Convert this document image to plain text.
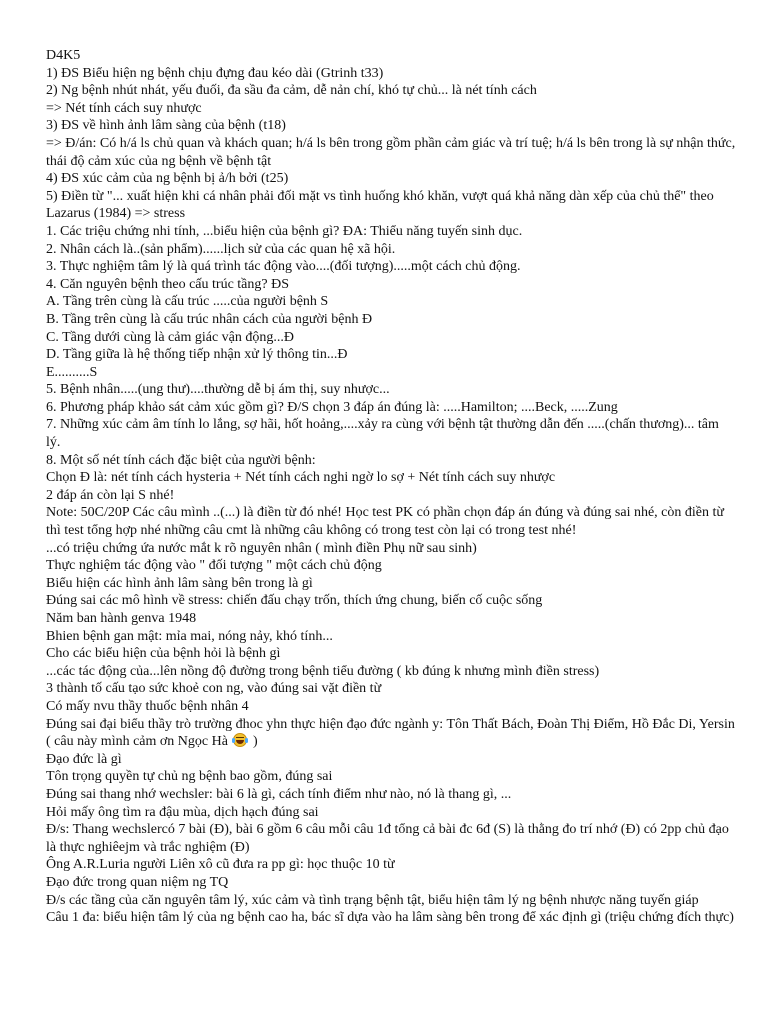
D4K5
1) ĐS Biểu hiện ng bệnh chịu đựng đau kéo dài (Gtrinh t33)
2) Ng bệnh nhút nhát, yếu đuối, đa sầu đa cảm, dễ nản chí, khó tự chủ... là nét tính cách
=> Nét tính cách suy nhược
3) ĐS về hình ảnh lâm sàng của bệnh (t18)
=> Đ/án: Có h/á ls chủ quan và khách quan; h/á ls bên trong gồm phần cảm giác và trí tuệ; h/á ls bên trong là sự nhận thức, thái độ cảm xúc của ng bệnh về bệnh tật
4) ĐS xúc cảm của ng bệnh bị ả/h bởi (t25)
5) Điền từ "... xuất hiện khi cá nhân phải đối mặt vs tình huống khó khăn, vượt quá khả năng dàn xếp của chủ thể" theo Lazarus (1984) => stress
1. Các triệu chứng nhi tính, ...biểu hiện của bệnh gì? ĐA: Thiểu năng tuyến sinh dục.
2. Nhân cách là..(sản phẩm)......lịch sử của các quan hệ xã hội.
3. Thực nghiệm tâm lý là quá trình tác động vào....(đối tượng).....một cách chủ động.
4. Căn nguyên bệnh theo cấu trúc tầng? ĐS
A. Tầng trên cùng là cấu trúc .....của người bệnh S
B. Tầng trên cùng là cấu trúc nhân cách của người bệnh Đ
C. Tầng dưới cùng là cảm giác vận động...Đ
D. Tầng giữa là hệ thống tiếp nhận xử lý thông tin...Đ
E..........S
5. Bệnh nhân.....(ung thư)....thường dễ bị ám thị, suy nhược...
6. Phương pháp khảo sát cảm xúc gồm gì? Đ/S chọn 3 đáp án đúng là: .....Hamilton; ....Beck, .....Zung
7. Những xúc cảm âm tính lo lắng, sợ hãi, hốt hoảng,....xảy ra cùng với bệnh tật thường dẫn đến .....(chấn thương)... tâm lý.
8. Một số nét tính cách đặc biệt của người bệnh:
Chọn Đ là: nét tính cách hysteria + Nét tính cách nghi ngờ lo sợ + Nét tính cách suy nhược
2 đáp án còn lại S nhé!
Note: 50C/20P Các câu mình ..(...) là điền từ đó nhé! Học test PK có phần chọn đáp án đúng và đúng sai nhé, còn điền từ thì test tổng hợp nhé những câu cmt là những câu không có trong test còn lại có trong test nhé!
...có triệu chứng ứa nước mắt k rõ nguyên nhân ( mình điền Phụ nữ sau sinh)
Thực nghiệm tác động vào " đối tượng " một cách chủ động
Biểu hiện các hình ảnh lâm sàng bên trong là gì
Đúng sai các mô hình về stress: chiến đấu chạy trốn, thích ứng chung, biến cố cuộc sống
Năm ban hành genva 1948
Bhien bệnh gan mật: mỉa mai, nóng nảy, khó tính...
Cho các biểu hiện của bệnh hỏi là bệnh gì
...các tác động của...lên nồng độ đường trong bệnh tiểu đường ( kb đúng k nhưng mình điền stress)
3 thành tố cấu tạo sức khoẻ con ng, vào đúng sai vặt điền từ
Có mấy nvu thầy thuốc bệnh nhân 4
Đúng sai đại biểu thầy trò trường đhoc yhn thực hiện đạo đức ngành y: Tôn Thất Bách, Đoàn Thị Điểm, Hồ Đắc Di, Yersin ( câu này mình cảm ơn Ngọc Hà
)
Đạo đức là gì
Tôn trọng quyền tự chủ ng bệnh bao gồm, đúng sai
Đúng sai thang nhớ wechsler: bài 6 là gì, cách tính điểm như nào, nó là thang gì, ...
Hỏi mấy ông tìm ra đậu mùa, dịch hạch đúng sai
Đ/s: Thang wechslercó 7 bài (Đ), bài 6 gồm 6 câu mỗi câu 1đ tổng cả bài đc 6đ (S) là thằng đo trí nhớ (Đ) có 2pp chủ đạo là thực nghiêejm và trắc nghiệm (Đ)
Ông A.R.Luria người Liên xô cũ đưa ra pp gì: học thuộc 10 từ
Đạo đức trong quan niệm ng TQ
Đ/s các tầng của căn nguyên tâm lý, xúc cảm và tình trạng bệnh tật, biểu hiện tâm lý ng bệnh nhược năng tuyến giáp
Câu 1 đa: biểu hiện tâm lý của ng bệnh cao ha, bác sĩ dựa vào ha lâm sàng bên trong để xác định gì (triệu chứng đích thực)
